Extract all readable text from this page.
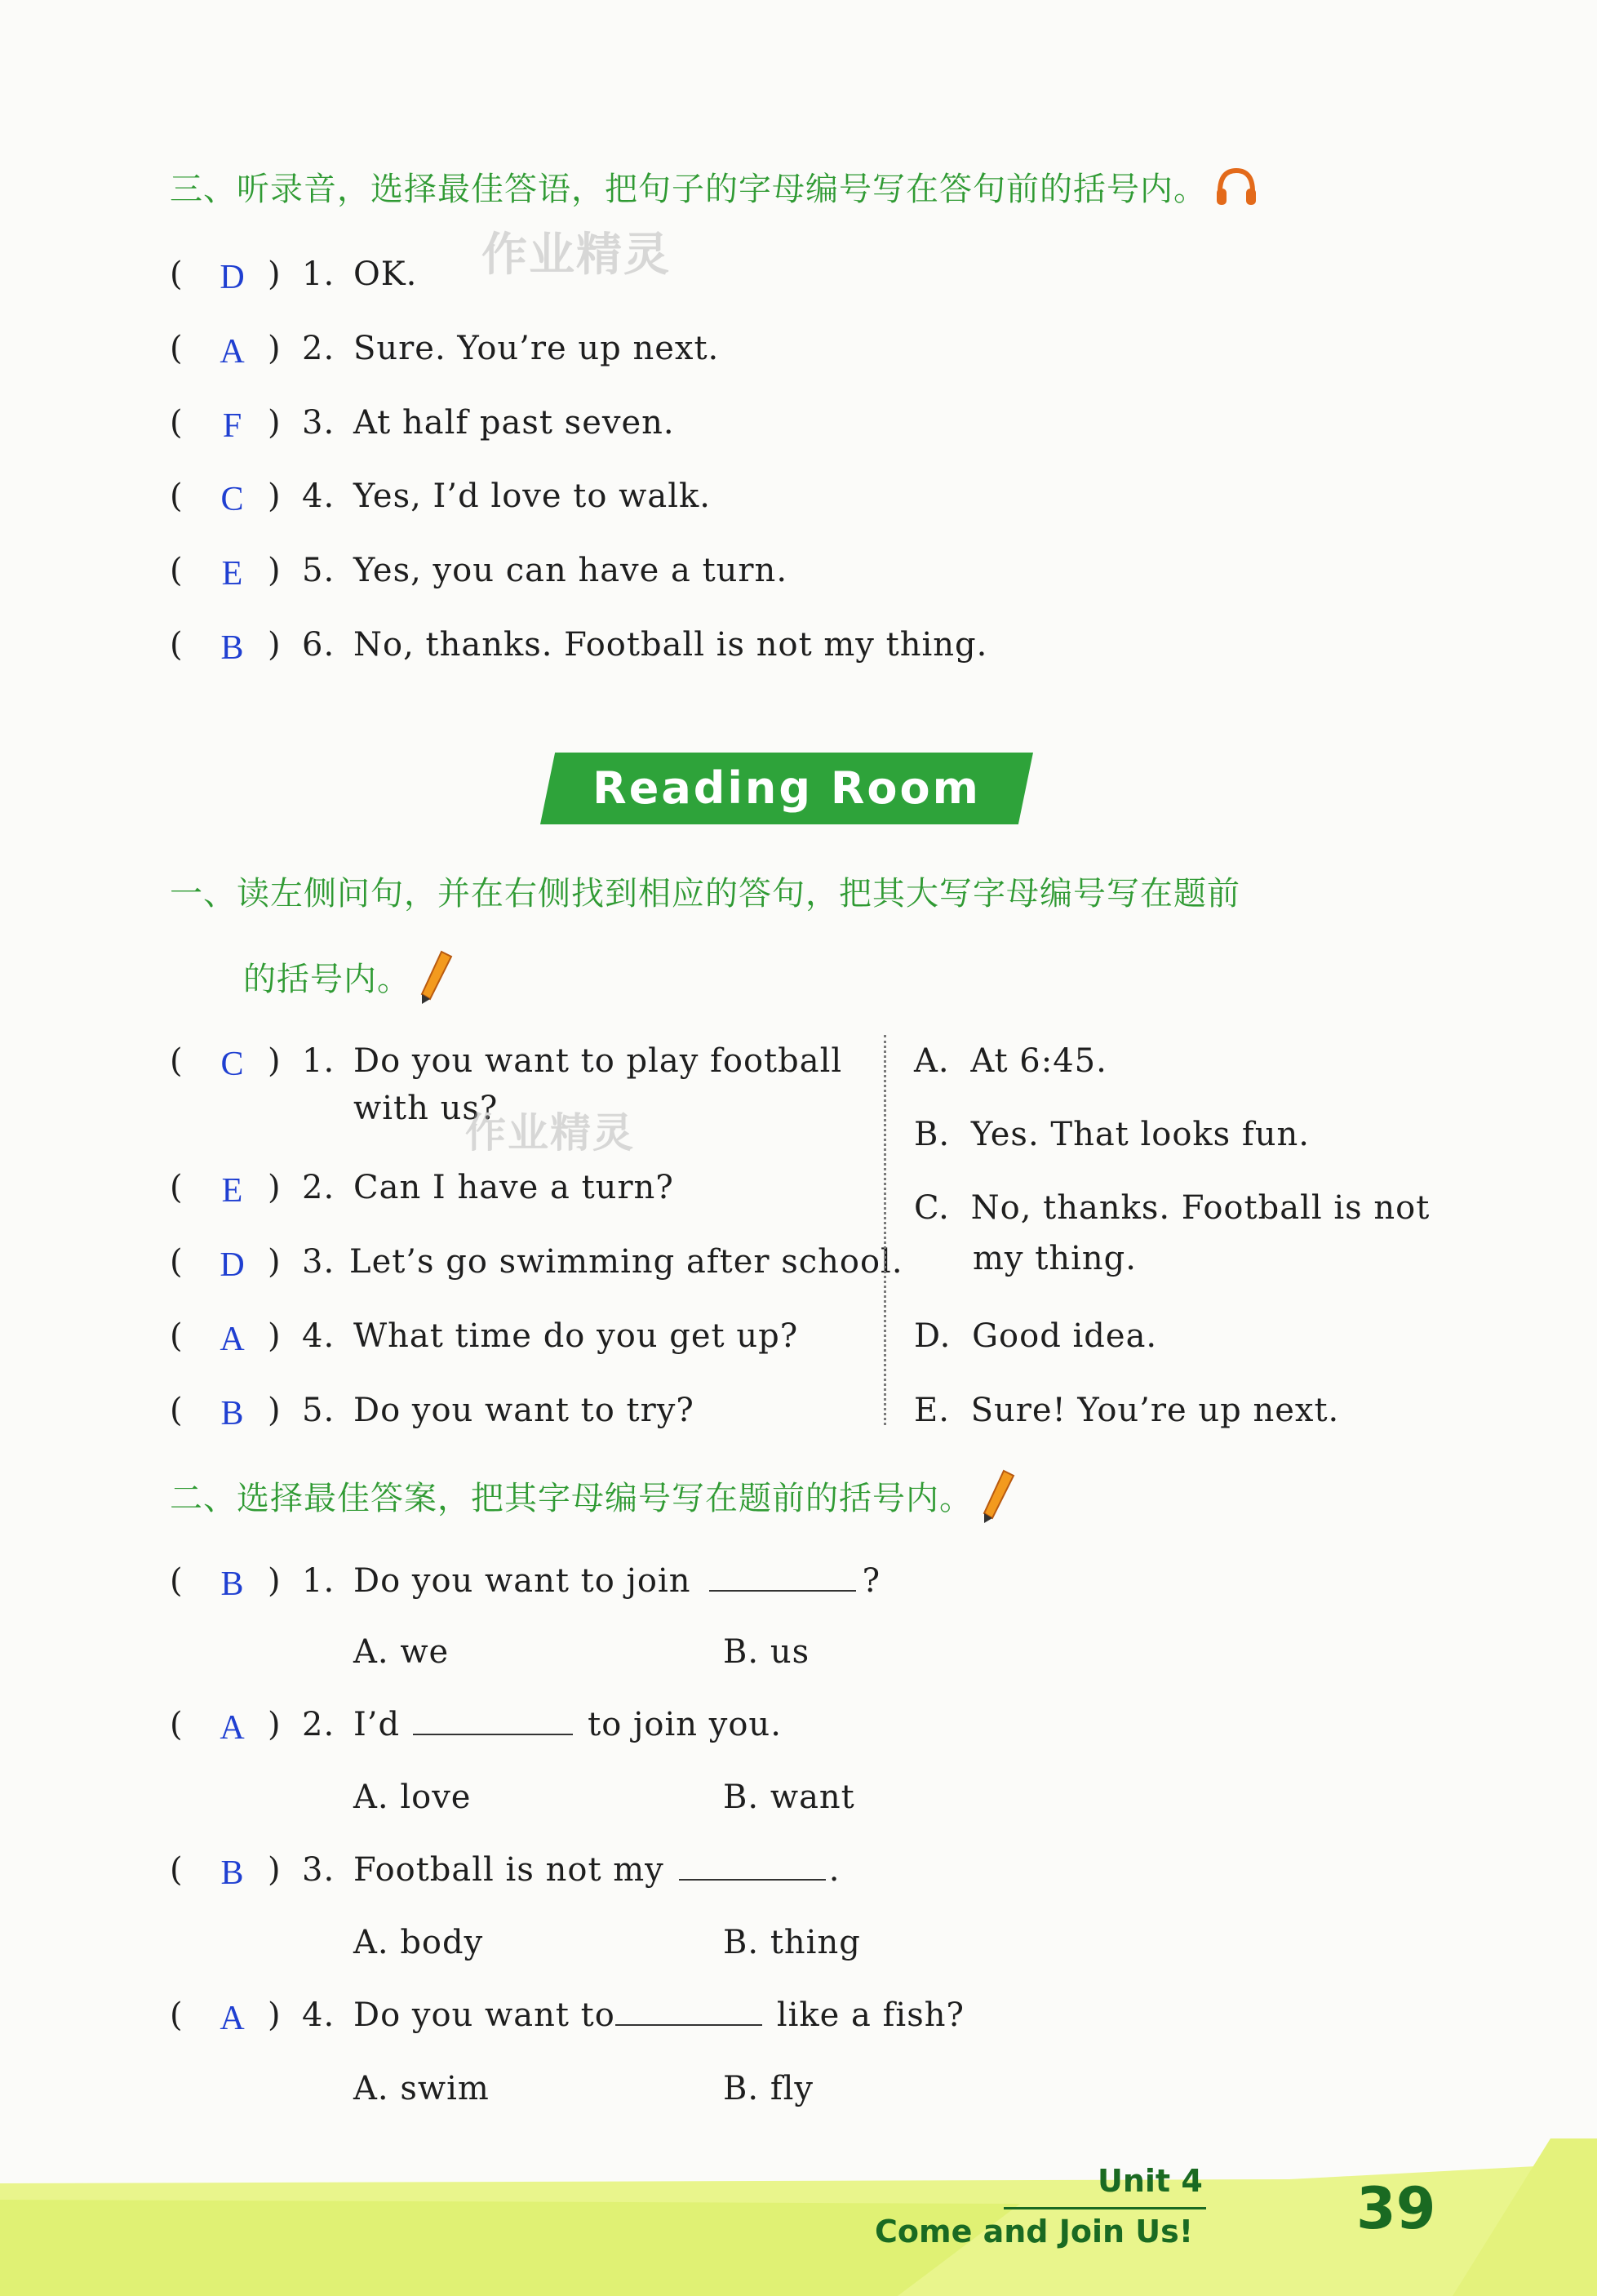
三、听录音，选择最佳答语，把句子的字母编号写在答句前的括号内。
作业精灵
(	D ) 1. OK.
(	A ) 2. Sure. You’re up next.
(	F ) 3. At half past seven.
(	C ) 4. Yes, I’d love to walk.
(	E ) 5. Yes, you can have a turn.
(	B ) 6. No, thanks. Football is not my thing.
Reading Room
一、读左侧问句，并在右侧找到相应的答句，把其大写字母编号写在题前
的括号内。
(	C ) 1. Do you want to play football
with us?
作业精灵
(	E ) 2. Can I have a turn?
(	D ) 3. Let’s go swimming after school.
(	A ) 4. What time do you get up?
(	B ) 5. Do you want to try?
A. At 6:45.
B. Yes. That looks fun.
C. No, thanks. Football is not
my thing.
D. Good idea.
E. Sure! You’re up next.
二、选择最佳答案，把其字母编号写在题前的括号内。
(	B ) 1. Do you want to join	?
A. we	B. us
(	A ) 2. I’d	to join you.
A. love	B. want
(	B ) 3. Football is not my	.
A. body	B. thing
(	A ) 4. Do you want to	like a fish?
A. swim	B. fly
Unit 4
Come and Join Us!	39
